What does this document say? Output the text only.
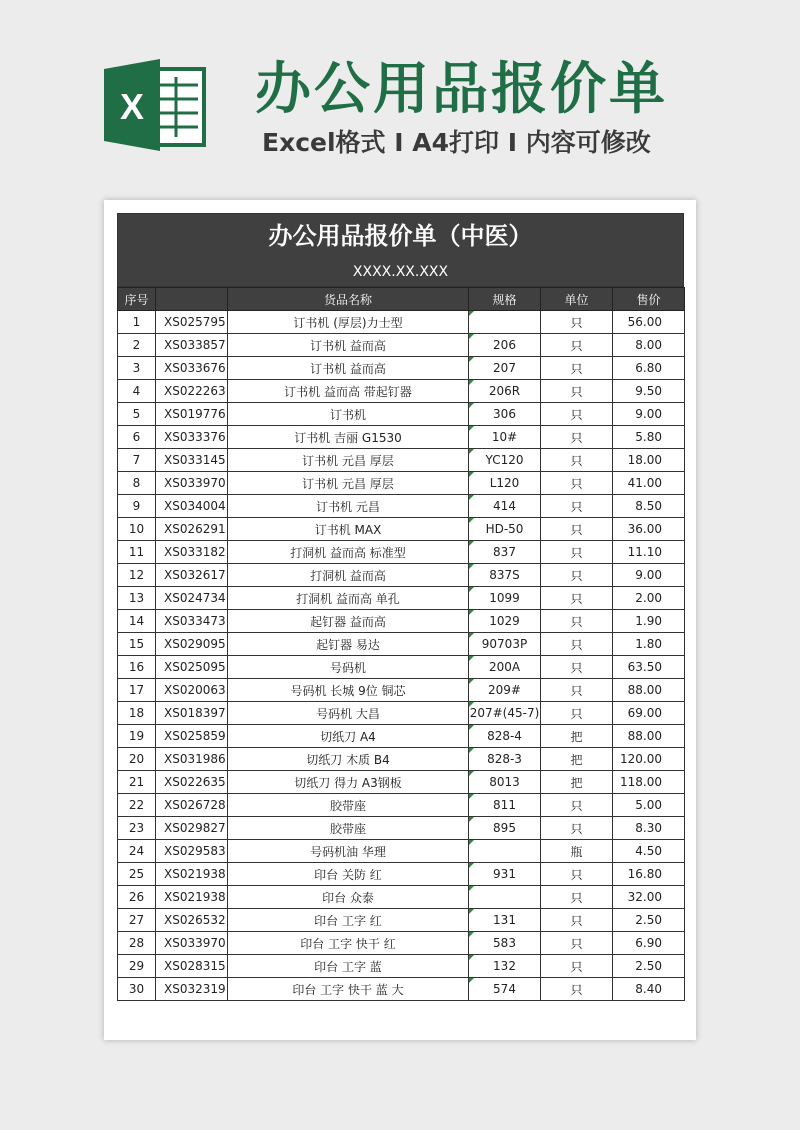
X 办公用品报价单
Excel格式 I A4打印 I 内容可修改
办公用品报价单（中医）
XXXX.XX.XXX
序号		货品名称	规格	单位	售价
1	XS025795	订书机 (厚层)力士型		只	56.00
2	XS033857	订书机 益而高	206	只	8.00
3	XS033676	订书机 益而高	207	只	6.80
4	XS022263	订书机 益而高 带起钉器	206R	只	9.50
5	XS019776	订书机	306	只	9.00
6	XS033376	订书机 吉丽 G1530	10#	只	5.80
7	XS033145	订书机 元昌 厚层	YC120	只	18.00
8	XS033970	订书机 元昌 厚层	L120	只	41.00
9	XS034004	订书机 元昌	414	只	8.50
10	XS026291	订书机 MAX	HD-50	只	36.00
11	XS033182	打洞机 益而高 标准型	837	只	11.10
12	XS032617	打洞机 益而高	837S	只	9.00
13	XS024734	打洞机 益而高 单孔	1099	只	2.00
14	XS033473	起钉器 益而高	1029	只	1.90
15	XS029095	起钉器 易达	90703P	只	1.80
16	XS025095	号码机	200A	只	63.50
17	XS020063	号码机 长城 9位 铜芯	209#	只	88.00
18	XS018397	号码机 大昌	207#(45-7)	只	69.00
19	XS025859	切纸刀 A4	828-4	把	88.00
20	XS031986	切纸刀 木质 B4	828-3	把	120.00
21	XS022635	切纸刀 得力 A3钢板	8013	把	118.00
22	XS026728	胶带座	811	只	5.00
23	XS029827	胶带座	895	只	8.30
24	XS029583	号码机油 华理		瓶	4.50
25	XS021938	印台 关防 红	931	只	16.80
26	XS021938	印台 众泰		只	32.00
27	XS026532	印台 工字 红	131	只	2.50
28	XS033970	印台 工字 快干 红	583	只	6.90
29	XS028315	印台 工字 蓝	132	只	2.50
30	XS032319	印台 工字 快干 蓝 大	574	只	8.40
